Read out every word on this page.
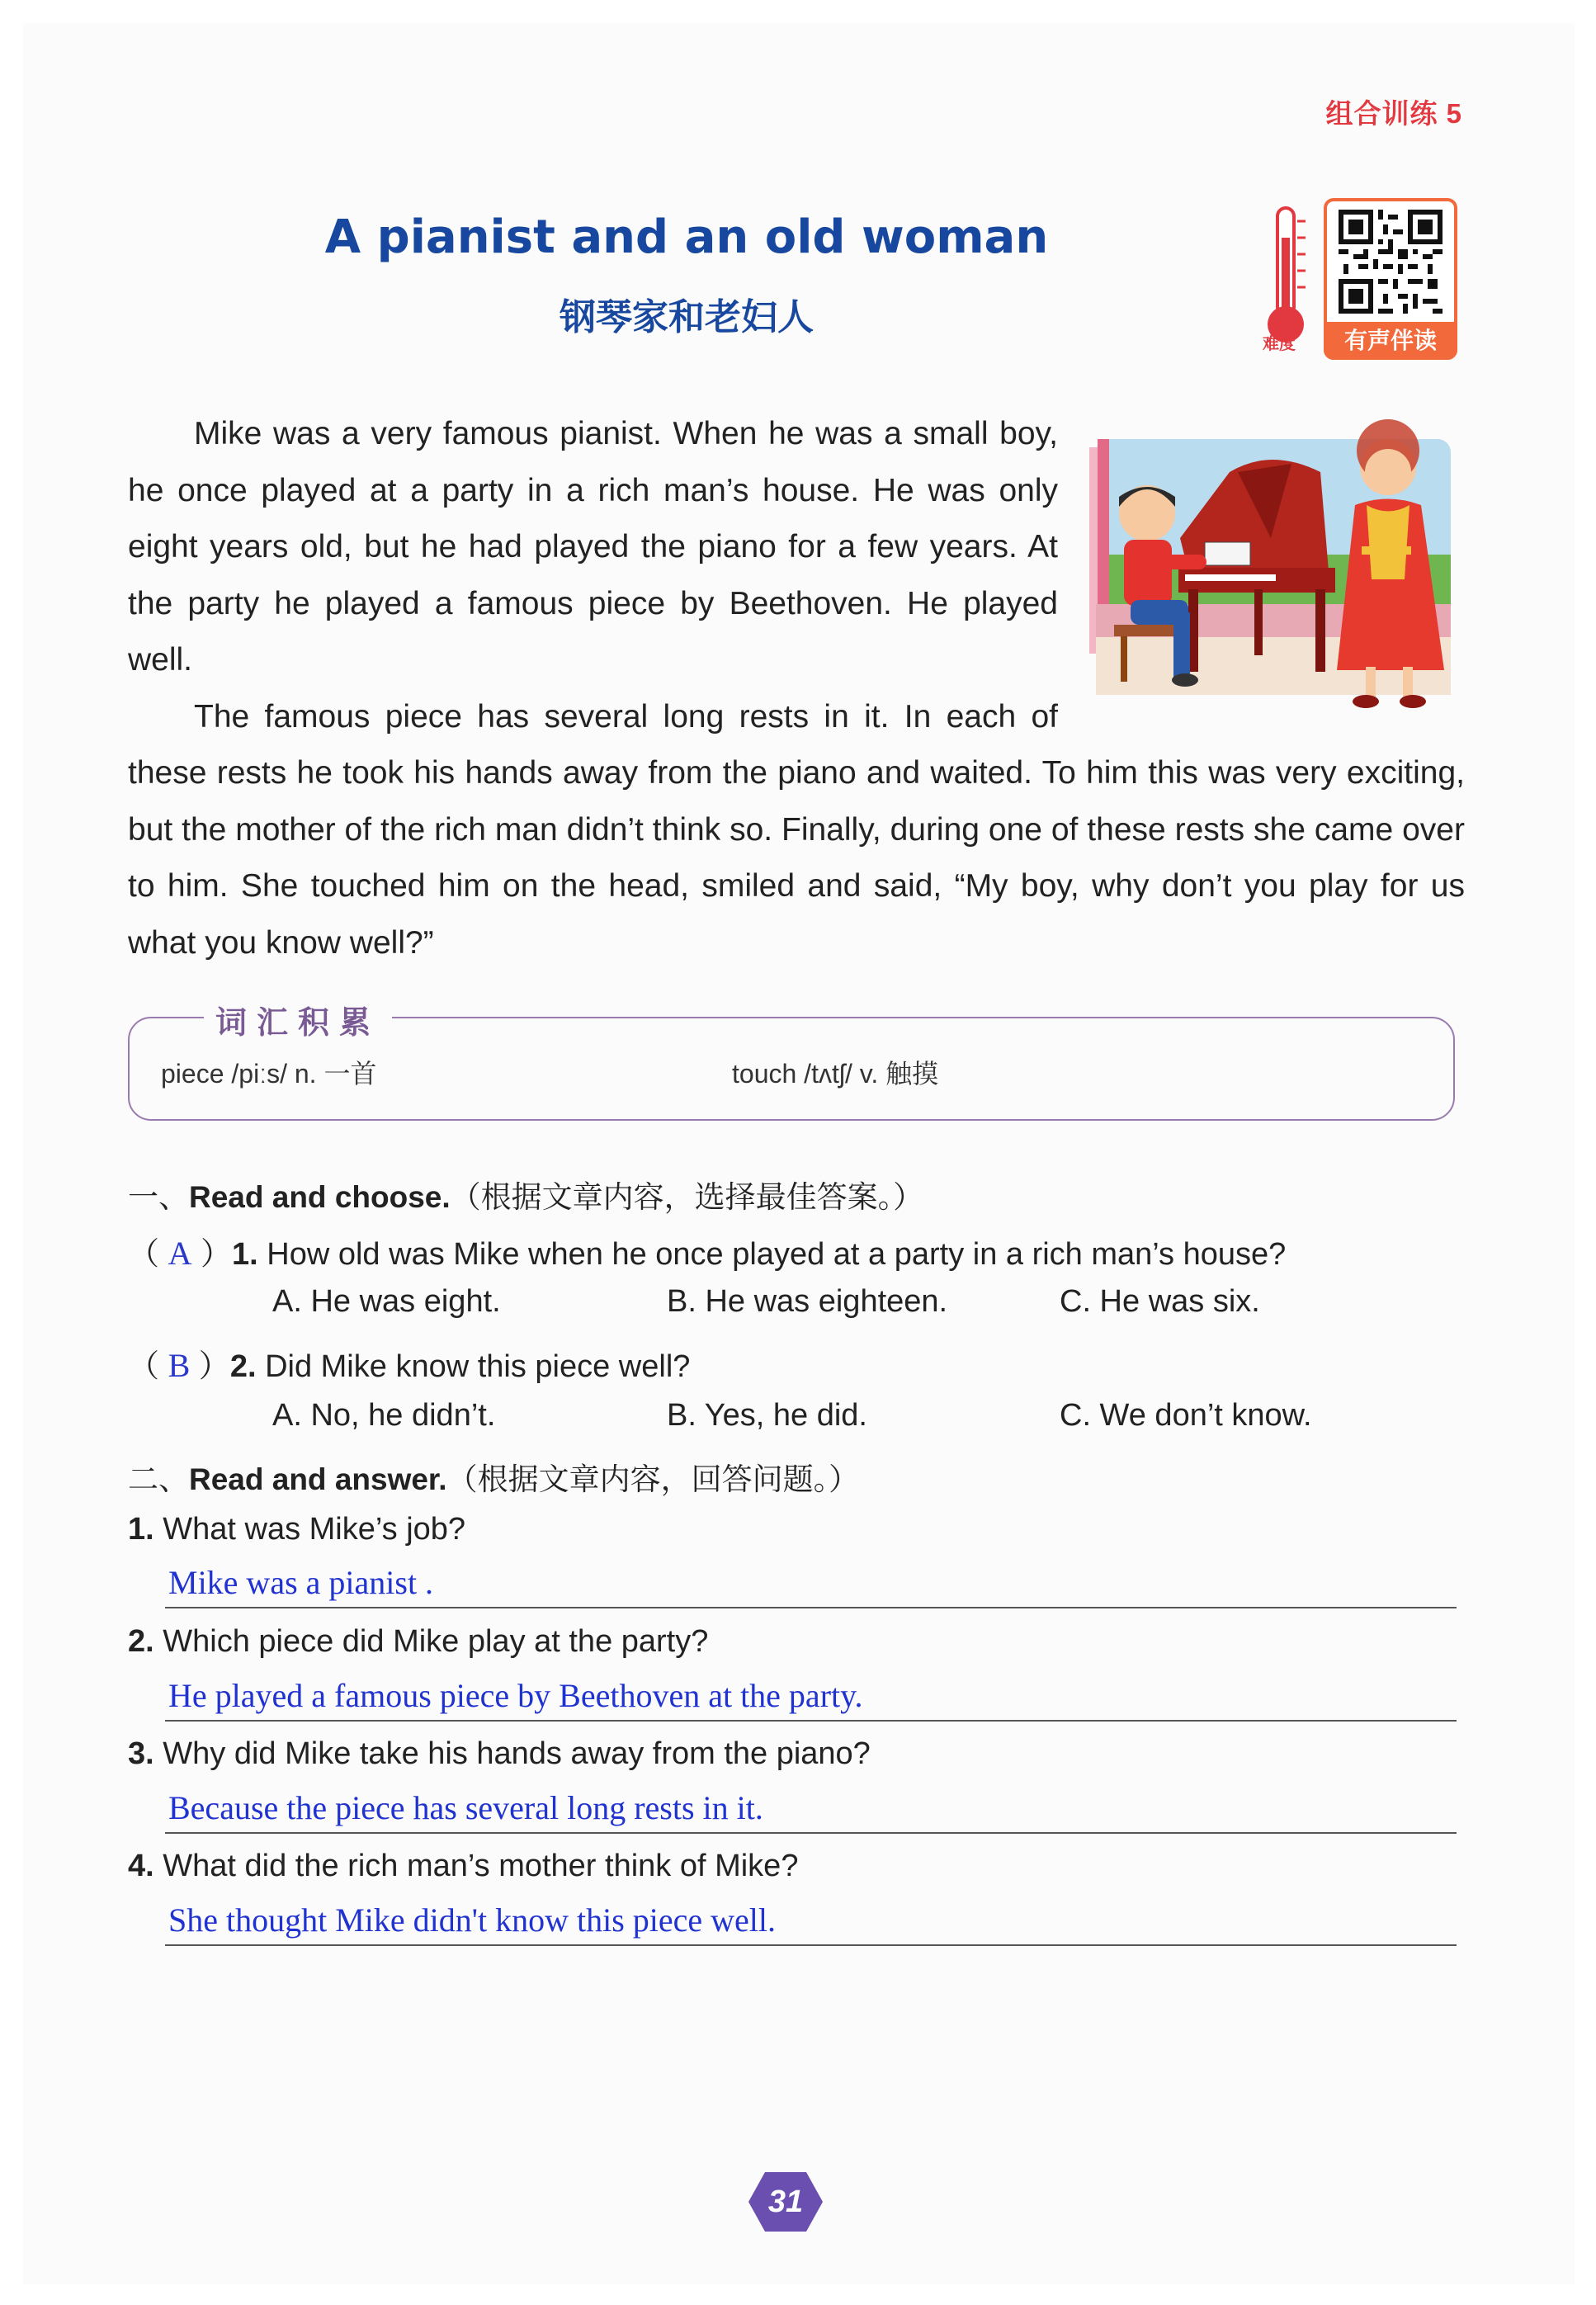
组合训练 5
A pianist and an old woman
钢琴家和老妇人
难度	有声伴读

Mike was a very famous pianist. When he was a small boy, he once played at a party in a rich man’s house. He was only eight years old, but he had played the piano for a few years. At the party he played a famous piece by Beethoven. He played well.

The famous piece has several long rests in it. In each of these rests he took his hands away from the piano and waited. To him this was very exciting, but the mother of the rich man didn’t think so. Finally, during one of these rests she came over to him. She touched him on the head, smiled and said, “My boy, why don’t you play for us what you know well?”

词汇积累
piece /piːs/ n. 一首	touch /tʌtʃ/ v. 触摸
一、Read and choose.（根据文章内容，选择最佳答案。）
（ A ）1. How old was Mike when he once played at a party in a rich man’s house?
A. He was eight.	B. He was eighteen.	C. He was six.
（ B ）2. Did Mike know this piece well?
A. No, he didn’t.	B. Yes, he did.	C. We don’t know.
二、Read and answer.（根据文章内容，回答问题。）
1. What was Mike’s job?
Mike was a pianist .
2. Which piece did Mike play at the party?
He played a famous piece by Beethoven at the party.
3. Why did Mike take his hands away from the piano?
Because the piece has several long rests in it.
4. What did the rich man’s mother think of Mike?
She thought Mike didn't know this piece well.
31
